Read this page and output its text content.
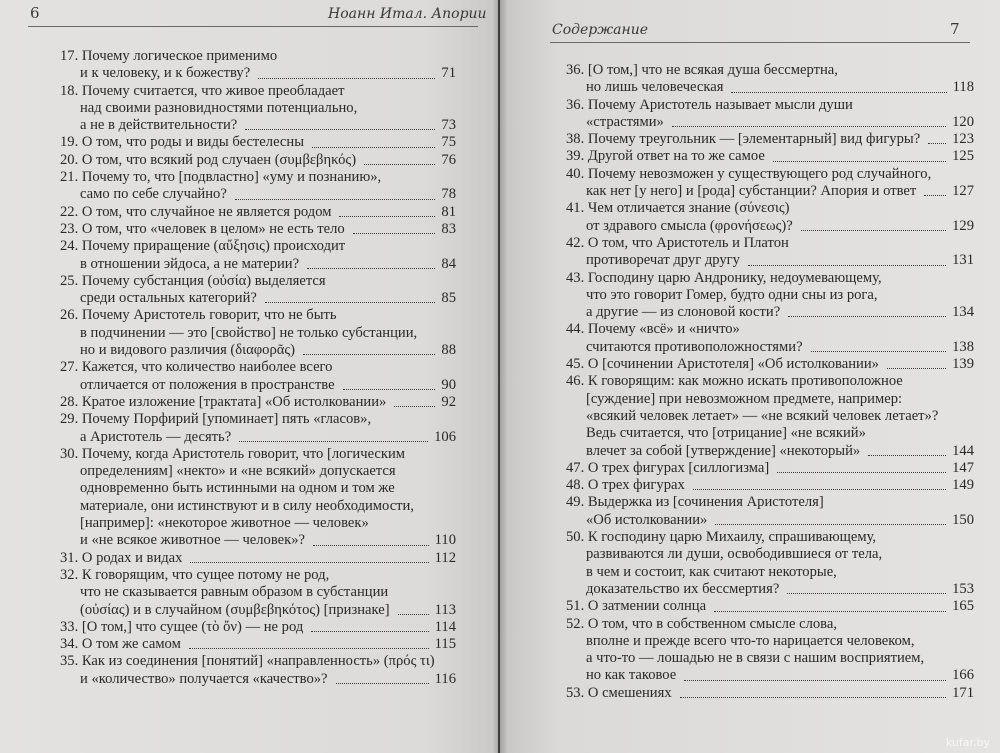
6	Ноанн Итал. Апории
17. Почему логическое применимо
и к человеку, и к божеству?	71
18. Почему считается, что живое преобладает
над своими разновидностями потенциально,
а не в действительности?	73
19. О том, что роды и виды бестелесны	75
20. О том, что всякий род случаен (συμβεβηκός)	76
21. Почему то, что [подвластно] «уму и познанию»,
само по себе случайно?	78
22. О том, что случайное не является родом	81
23. О том, что «человек в целом» не есть тело	83
24. Почему приращение (αὔξησις) происходит
в отношении эйдоса, а не материи?	84
25. Почему субстанция (οὐσία) выделяется
среди остальных категорий?	85
26. Почему Аристотель говорит, что не быть
в подчинении — это [свойство] не только субстанции,
но и видового различия (διαφορᾶς)	88
27. Кажется, что количество наиболее всего
отличается от положения в пространстве	90
28. Кратое изложение [трактата] «Об истолковании»	92
29. Почему Порфирий [упоминает] пять «гласов»,
а Аристотель — десять?	106
30. Почему, когда Аристотель говорит, что [логическим
определениям] «некто» и «не всякий» допускается
одновременно быть истинными на одном и том же
материале, они истинствуют и в силу необходимости,
[например]: «некоторое животное — человек»
и «не всякое животное — человек»?	110
31. О родах и видах	112
32. К говорящим, что сущее потому не род,
что не сказывается равным образом в субстанции
(οὐσίας) и в случайном (συμβεβηκότος) [признаке]	113
33. [О том,] что сущее (τὸ ὄν) — не род	114
34. О том же самом	115
35. Как из соединения [понятий] «направленность» (πρός τι)
и «количество» получается «качество»?	116
Содержание	7
36. [О том,] что не всякая душа бессмертна,
но лишь человеческая	118
36. Почему Аристотель называет мысли души
«страстями»	120
38. Почему треугольник — [элементарный] вид фигуры? 123
39. Другой ответ на то же самое	125
40. Почему невозможен у существующего род случайного,
как нет [у него] и [рода] субстанции? Апория и ответ 127
41. Чем отличается знание (σύνεσις)
от здравого смысла (φρονήσεως)?	129
42. О том, что Аристотель и Платон
противоречат друг другу	131
43. Господину царю Андронику, недоумевающему,
что это говорит Гомер, будто одни сны из рога,
а другие — из слоновой кости?	134
44. Почему «всё» и «ничто»
считаются противоположностями?	138
45. О [сочинении Аристотеля] «Об истолковании»	139
46. К говорящим: как можно искать противоположное
[суждение] при невозможном предмете, например:
«всякий человек летает» — «не всякий человек летает»?
Ведь считается, что [отрицание] «не всякий»
влечет за собой [утверждение] «некоторый»	144
47. О трех фигурах [силлогизма]	147
48. О трех фигурах	149
49. Выдержка из [сочинения Аристотеля]
«Об истолковании»	150
50. К господину царю Михаилу, спрашивающему,
развиваются ли души, освободившиеся от тела,
в чем и состоит, как считают некоторые,
доказательство их бессмертия?	153
51. О затмении солнца	165
52. О том, что в собственном смысле слова,
вполне и прежде всего что-то нарицается человеком,
а что-то — лошадью не в связи с нашим восприятием,
но как таковое	166
53. О смешениях	171
kufar.by
